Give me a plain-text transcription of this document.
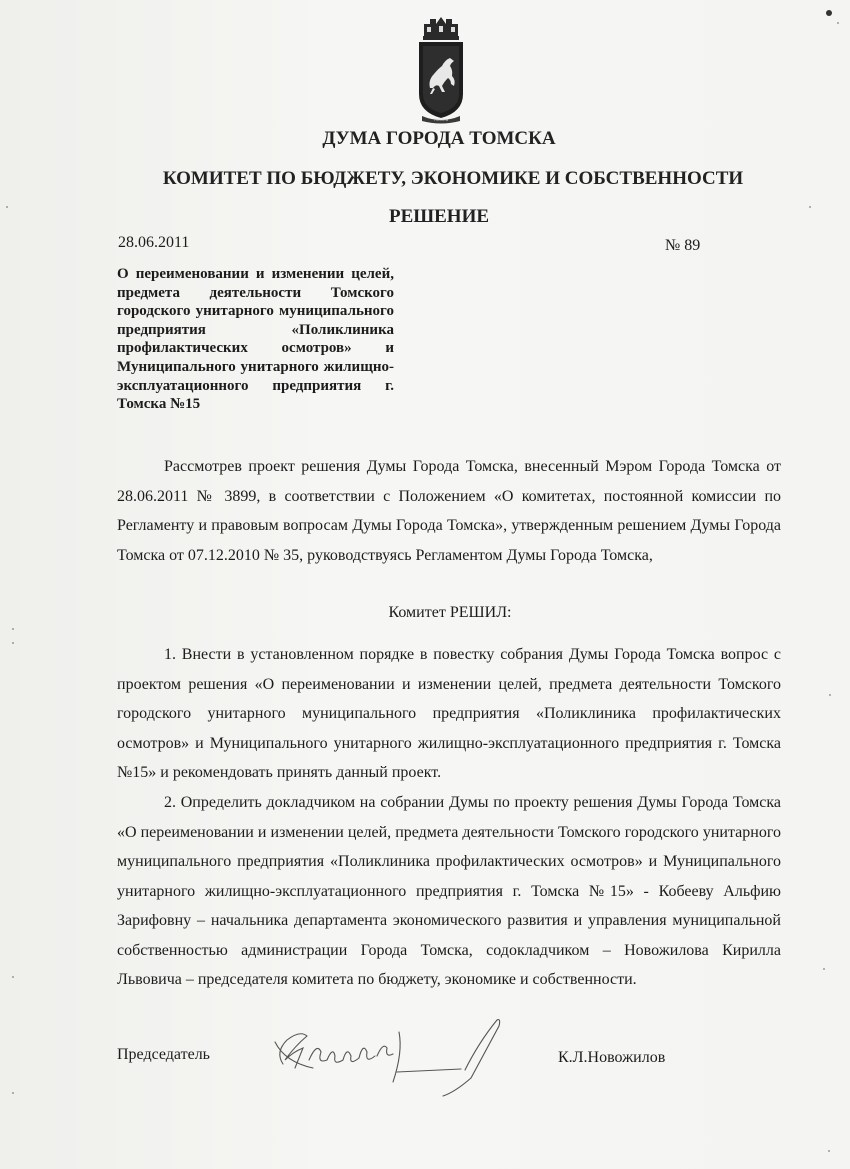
ТОМСКЪ
ДУМА ГОРОДА ТОМСКА
КОМИТЕТ ПО БЮДЖЕТУ, ЭКОНОМИКЕ И СОБСТВЕННОСТИ
РЕШЕНИЕ
28.06.2011	№ 89
О переименовании и изменении целей, предмета деятельности Томского городского унитарного муниципального предприятия «Поликлиника профилактических осмотров» и Муниципального унитарного жилищно-эксплуатационного предприятия г. Томска №15

Рассмотрев проект решения Думы Города Томска, внесенный Мэром Города Томска от 28.06.2011 № 3899, в соответствии с Положением «О комитетах, постоянной комиссии по Регламенту и правовым вопросам Думы Города Томска», утвержденным решением Думы Города Томска от 07.12.2010 № 35, руководствуясь Регламентом Думы Города Томска,

Комитет РЕШИЛ:

1. Внести в установленном порядке в повестку собрания Думы Города Томска вопрос с проектом решения «О переименовании и изменении целей, предмета деятельности Томского городского унитарного муниципального предприятия «Поликлиника профилактических осмотров» и Муниципального унитарного жилищно-эксплуатационного предприятия г. Томска №15» и рекомендовать принять данный проект.

2. Определить докладчиком на собрании Думы по проекту решения Думы Города Томска «О переименовании и изменении целей, предмета деятельности Томского городского унитарного муниципального предприятия «Поликлиника профилактических осмотров» и Муниципального унитарного жилищно-эксплуатационного предприятия г. Томска №15» - Кобееву Альфию Зарифовну – начальника департамента экономического развития и управления муниципальной собственностью администрации Города Томска, содокладчиком – Новожилова Кирилла Львовича – председателя комитета по бюджету, экономике и собственности.

Председатель	К.Л.Новожилов
